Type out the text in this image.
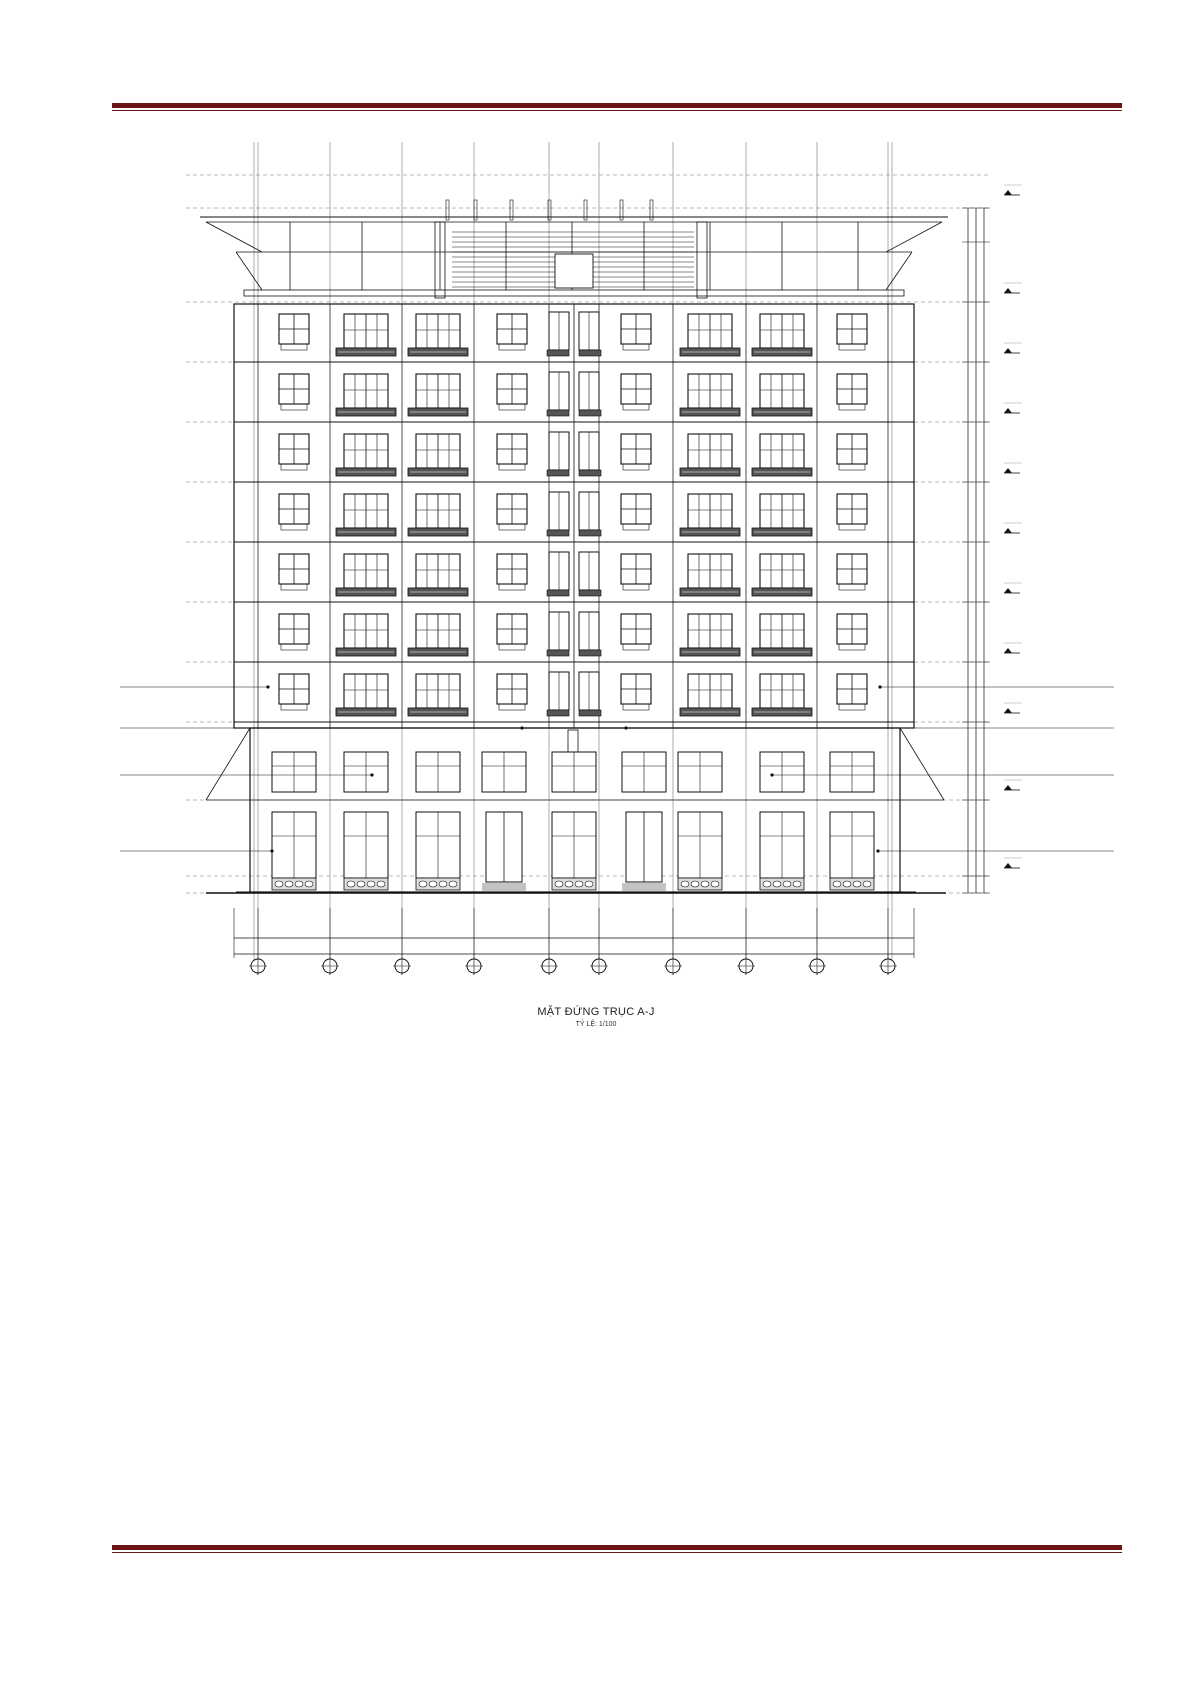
MẶT ĐỨNG TRỤC A-J
TỶ LỆ: 1/100
